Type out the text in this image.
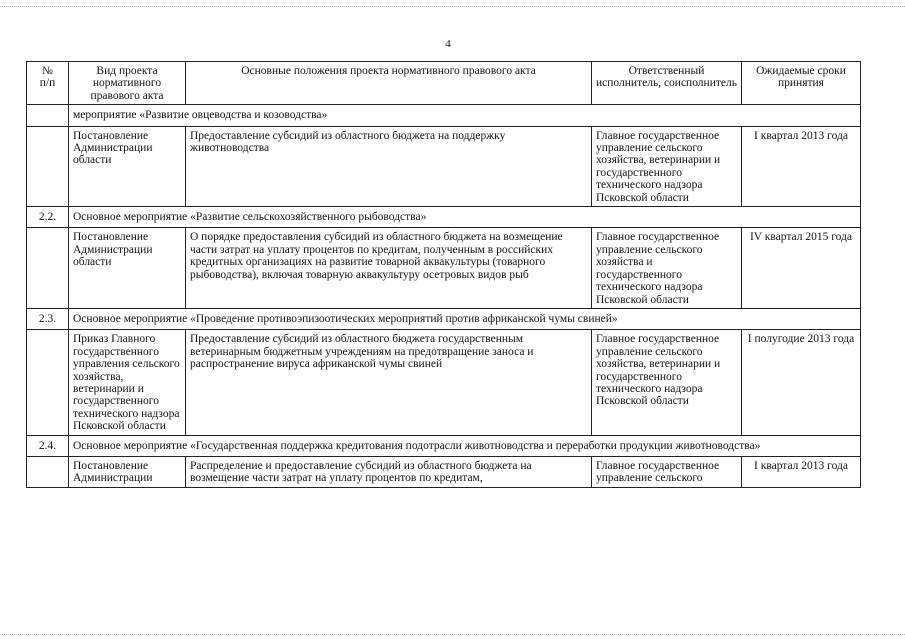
4
№
п/п	Вид проекта нормативного правового акта	Основные положения проекта нормативного правового акта	Ответственный исполнитель, соисполнитель	Ожидаемые сроки принятия
	мероприятие «Развитие овцеводства и козоводства»			
	Постановление Администрации области	Предоставление субсидий из областного бюджета на поддержку животноводства	Главное государственное управление сельского хозяйства, ветеринарии и государственного технического надзора Псковской области	I квартал 2013 года
2.2.	Основное мероприятие «Развитие сельскохозяйственного рыбоводства»			
	Постановление Администрации области	О порядке предоставления субсидий из областного бюджета на возмещение части затрат на уплату процентов по кредитам, полученным в российских кредитных организациях на развитие товарной аквакультуры (товарного рыбоводства), включая товарную аквакультуру осетровых видов рыб	Главное государственное управление сельского хозяйства и государственного технического надзора Псковской области	IV квартал 2015 года
2.3.	Основное мероприятие «Проведение противоэпизоотических мероприятий против африканской чумы свиней»			
	Приказ Главного государственного управления сельского хозяйства, ветеринарии и государственного технического надзора Псковской области	Предоставление субсидий из областного бюджета государственным ветеринарным бюджетным учреждениям на предотвращение заноса и распространение вируса африканской чумы свиней	Главное государственное управление сельского хозяйства, ветеринарии и государственного технического надзора Псковской области	I полугодие 2013 года
2.4.	Основное мероприятие «Государственная поддержка кредитования подотрасли животноводства и переработки продукции животноводства»			
	Постановление Администрации	Распределение и предоставление субсидий из областного бюджета на возмещение части затрат на уплату процентов по кредитам,	Главное государственное управление сельского	I квартал 2013 года
